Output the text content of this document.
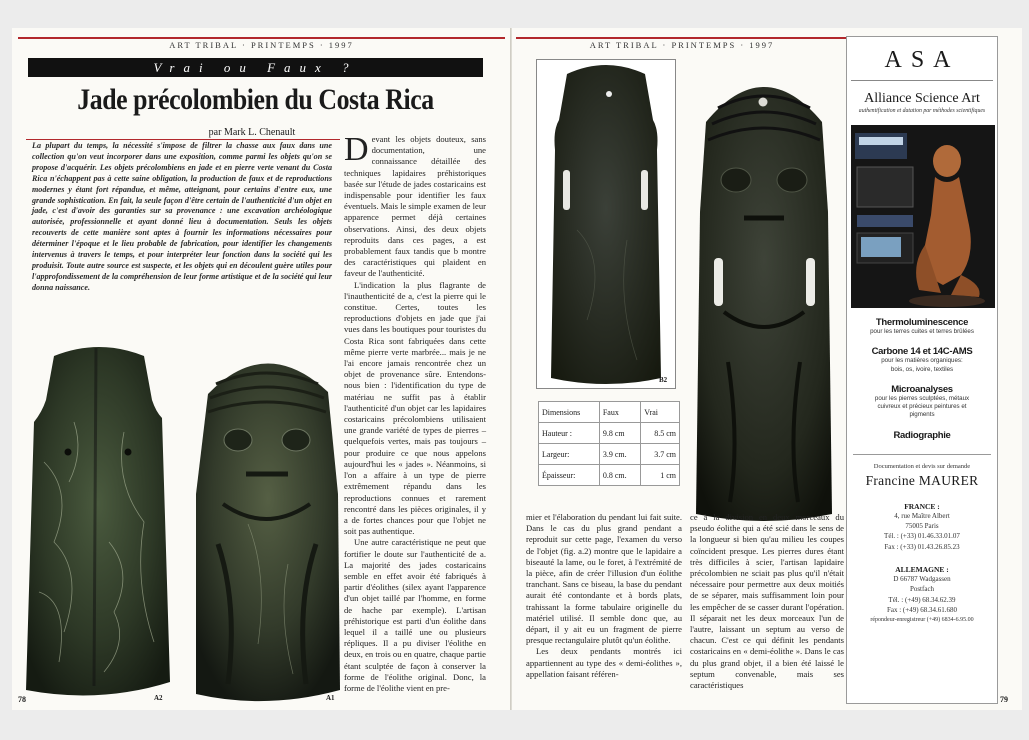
ART TRIBAL · PRINTEMPS · 1997
Vrai ou Faux ?
Jade précolombien du Costa Rica
par Mark L. Chenault
La plupart du temps, la nécessité s'impose de filtrer la chasse aux faux dans une collection qu'on veut incorporer dans une exposition, comme parmi les objets qu'on se propose d'acquérir. Les objets précolombiens en jade et en pierre verte venant du Costa Rica n'échappent pas à cette saine obligation, la production de faux et de reproductions modernes y étant fort répandue, et même, atteignant, pour certains d'entre eux, une grande sophistication. En fait, la seule façon d'être certain de l'authenticité d'un objet en jade, c'est d'avoir des garanties sur sa provenance : une excavation archéologique autorisée, professionnelle et ayant donné lieu à documentation. Seuls les objets recouverts de cette manière sont aptes à fournir les informations nécessaires pour déterminer l'époque et le lieu probable de fabrication, pour identifier les changements intervenus à travers le temps, et pour interpréter leur fonction dans la société qui les produisit. Toute autre source est suspecte, et les objets qui en découlent guère utiles pour l'approfondissement de la compréhension de leur forme artistique et de la société qui leur donna naissance.

Devant les objets douteux, sans documentation, une connaissance détaillée des techniques lapidaires préhistoriques basée sur l'étude de jades costaricains est indispensable pour identifier les faux éventuels. Mais le simple examen de leur apparence permet déjà certaines observations. Ainsi, des deux objets reproduits dans ces pages, a est probablement faux tandis que b montre des caractéristiques qui plaident en faveur de l'authenticité.

L'indication la plus flagrante de l'inauthenticité de a, c'est la pierre qui le constitue. Certes, toutes les reproductions d'objets en jade que j'ai vues dans les boutiques pour touristes du Costa Rica sont fabriquées dans cette même pierre verte marbrée... mais je ne l'ai encore jamais rencontrée chez un objet de provenance sûre. Entendons-nous bien : l'identification du type de matériau ne suffit pas à établir l'authenticité d'un objet car les lapidaires costaricains précolombiens utilisaient une grande variété de types de pierres – quelquefois vertes, mais pas toujours – pour produire ce que nous appelons aujourd'hui les « jades ». Néanmoins, si l'on a affaire à un type de pierre extrêmement répandu dans les reproductions connues et rarement rencontré dans les pièces originales, il y a de fortes chances pour que l'objet ne soit pas authentique.

Une autre caractéristique ne peut que fortifier le doute sur l'authenticité de a. La majorité des jades costaricains semble en effet avoir été fabriqués à partir d'éolithes (silex ayant l'apparence d'un objet taillé par l'homme, en forme de hache par exemple). L'artisan préhistorique est parti d'un éolithe dans lequel il a taillé une ou plusieurs répliques. Il a pu diviser l'éolithe en deux, en trois ou en quatre, chaque partie étant sculptée de façon à conserver la forme de l'éolithe original. Donc, la forme de l'éolithe vient en pre-

A2	A1
78
ART TRIBAL · PRINTEMPS · 1997
B2
Dimensions	Faux	Vrai
Hauteur :	9.8 cm	8.5 cm
Largeur:	3.9 cm.	3.7 cm
Épaisseur:	0.8 cm.	1 cm

mier et l'élaboration du pendant lui fait suite. Dans le cas du plus grand pendant a reproduit sur cette page, l'examen du verso de l'objet (fig. a.2) montre que le lapidaire a biseauté la lame, ou le foret, à l'extrémité de la pièce, afin de créer l'illusion d'un éolithe tranchant. Sans ce biseau, la base du pendant aurait été contondante et à bords plats, trahissant la forme tabulaire originelle du matériel utilisé. Il semble donc que, au départ, il y ait eu un fragment de pierre presque rectangulaire plutôt qu'un éolithe.

Les deux pendants montrés ici appartiennent au type des « demi-éolithes », appellation faisant référen-

ce à la division en deux morceaux du pseudo éolithe qui a été scié dans le sens de la longueur si bien qu'au milieu les coupes coïncident presque. Les pierres dures étant très difficiles à scier, l'artisan lapidaire précolombien ne sciait pas plus qu'il n'était nécessaire pour permettre aux deux moitiés de se séparer, mais suffisamment loin pour les empêcher de se casser durant l'opération. Il séparait net les deux morceaux l'un de l'autre, laissant un septum au verso de chacun. C'est ce qui définit les pendants costaricains en « demi-éolithe ». Dans le cas du plus grand objet, il a bien été laissé le septum convenable, mais ses caractéristiques

79
ASA
Alliance Science Art
authentification et datation par méthodes scientifiques
Thermoluminescence
pour les terres cuites et terres brûlées
Carbone 14 et 14C-AMS
pour les matières organiques: bois, os, ivoire, textiles
Microanalyses
pour les pierres sculptées, métaux cuivreux et précieux peintures et pigments
Radiographie
Documentation et devis sur demande
Francine MAURER
FRANCE :
4, rue Maître Albert
75005 Paris
Tél. : (+33) 01.46.33.01.07
Fax : (+33) 01.43.26.85.23
ALLEMAGNE :
D 66787 Wadgassen
Postfach
Tél. : (+49) 68.34.62.39
Fax : (+49) 68.34.61.680
répondeur-enregistreur (+49) 6834-6.95.00
